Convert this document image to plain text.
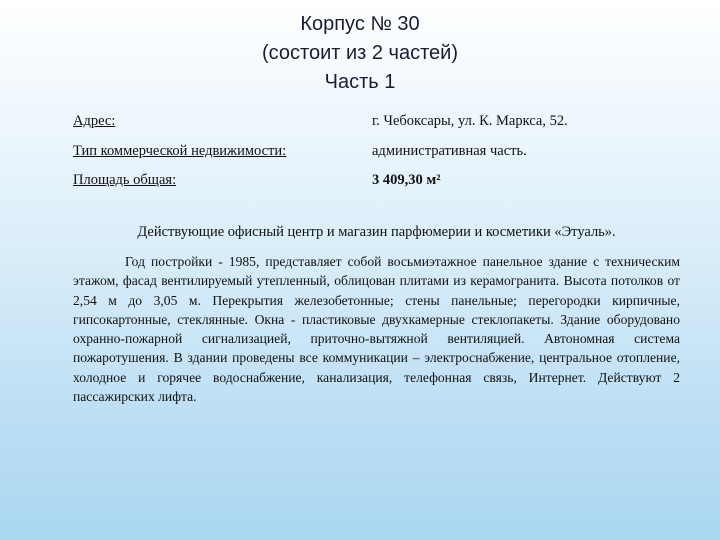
Корпус № 30
(состоит из 2 частей)
Часть 1
Адрес:	г. Чебоксары, ул. К. Маркса, 52.
Тип коммерческой недвижимости:	административная часть.
Площадь общая:	3 409,30 м²
Действующие офисный центр и магазин парфюмерии и косметики «Этуаль».

Год постройки - 1985, представляет собой восьмиэтажное панельное здание с техническим этажом, фасад вентилируемый утепленный, облицован плитами из керамогранита. Высота потолков от 2,54 м до 3,05 м. Перекрытия железобетонные; стены панельные; перегородки кирпичные, гипсокартонные, стеклянные. Окна - пластиковые двухкамерные стеклопакеты. Здание оборудовано охранно-пожарной сигнализацией, приточно-вытяжной вентиляцией. Автономная система пожаротушения. В здании проведены все коммуникации – электроснабжение, центральное отопление, холодное и горячее водоснабжение, канализация, телефонная связь, Интернет. Действуют 2 пассажирских лифта.
